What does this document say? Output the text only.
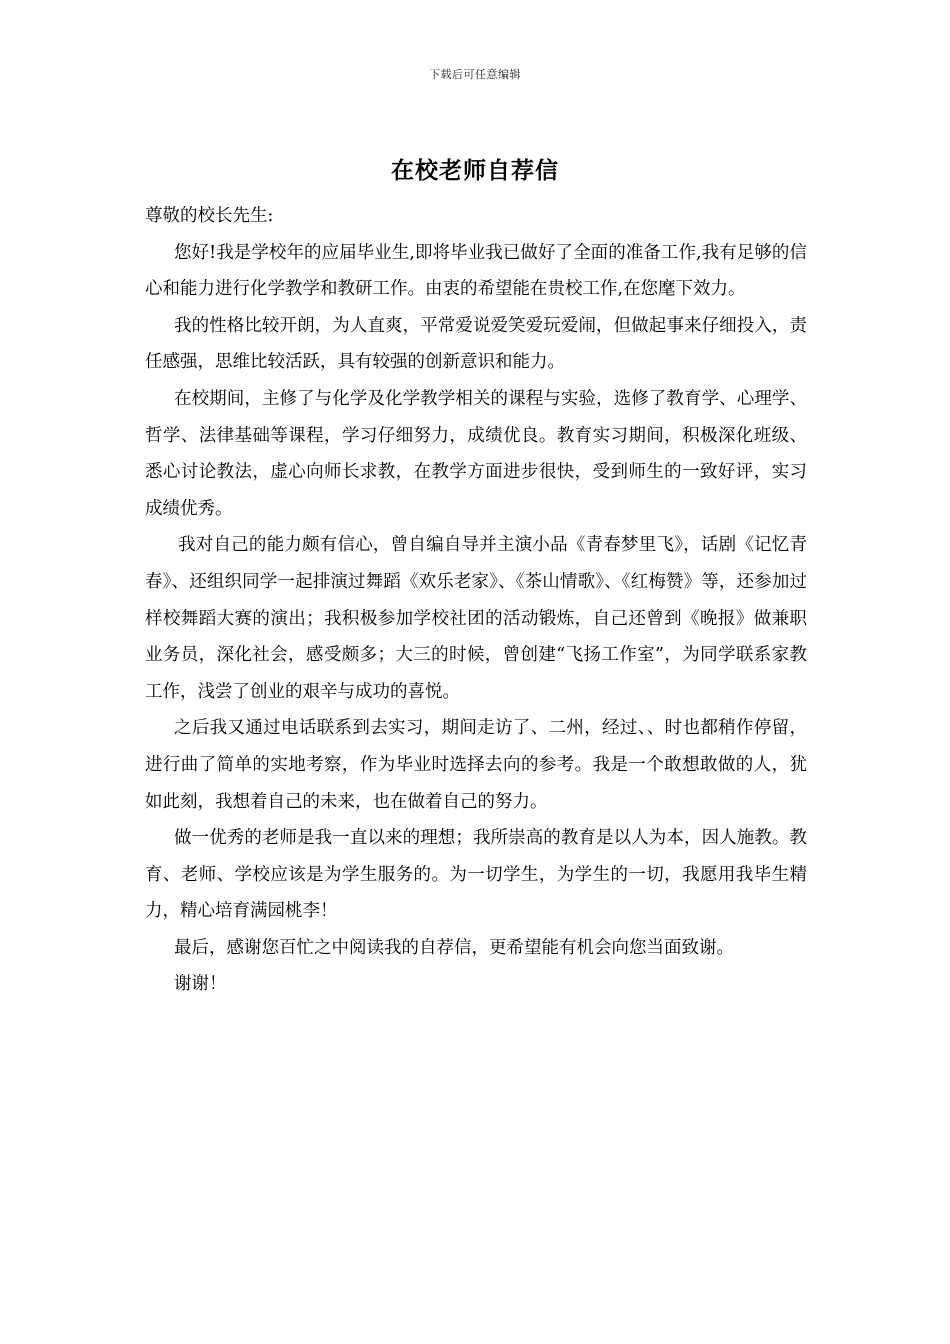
下载后可任意编辑
在校老师自荐信

尊敬的校长先生:

您好!我是学校年的应届毕业生,即将毕业我已做好了全面的准备工作,我有足够的信心和能力进行化学教学和教研工作。由衷的希望能在贵校工作,在您麾下效力。

我的性格比较开朗，为人直爽，平常爱说爱笑爱玩爱闹，但做起事来仔细投入，责任感强，思维比较活跃，具有较强的创新意识和能力。

在校期间，主修了与化学及化学教学相关的课程与实验，选修了教育学、心理学、哲学、法律基础等课程，学习仔细努力，成绩优良。教育实习期间，积极深化班级、悉心讨论教法，虚心向师长求教，在教学方面进步很快，受到师生的一致好评，实习成绩优秀。

我对自己的能力颇有信心，曾自编自导并主演小品《青春梦里飞》，话剧《记忆青春》、还组织同学一起排演过舞蹈《欢乐老家》、《茶山情歌》、《红梅赞》等，还参加过样校舞蹈大赛的演出；我积极参加学校社团的活动锻炼，自己还曾到《晚报》做兼职业务员，深化社会，感受颇多；大三的时候，曾创建“飞扬工作室”，为同学联系家教工作，浅尝了创业的艰辛与成功的喜悦。

之后我又通过电话联系到去实习，期间走访了、二州，经过、、时也都稍作停留，进行曲了简单的实地考察，作为毕业时选择去向的参考。我是一个敢想敢做的人，犹如此刻，我想着自己的未来，也在做着自己的努力。

做一优秀的老师是我一直以来的理想；我所崇高的教育是以人为本，因人施教。教育、老师、学校应该是为学生服务的。为一切学生，为学生的一切，我愿用我毕生精力，精心培育满园桃李！

最后，感谢您百忙之中阅读我的自荐信，更希望能有机会向您当面致谢。

谢谢！
